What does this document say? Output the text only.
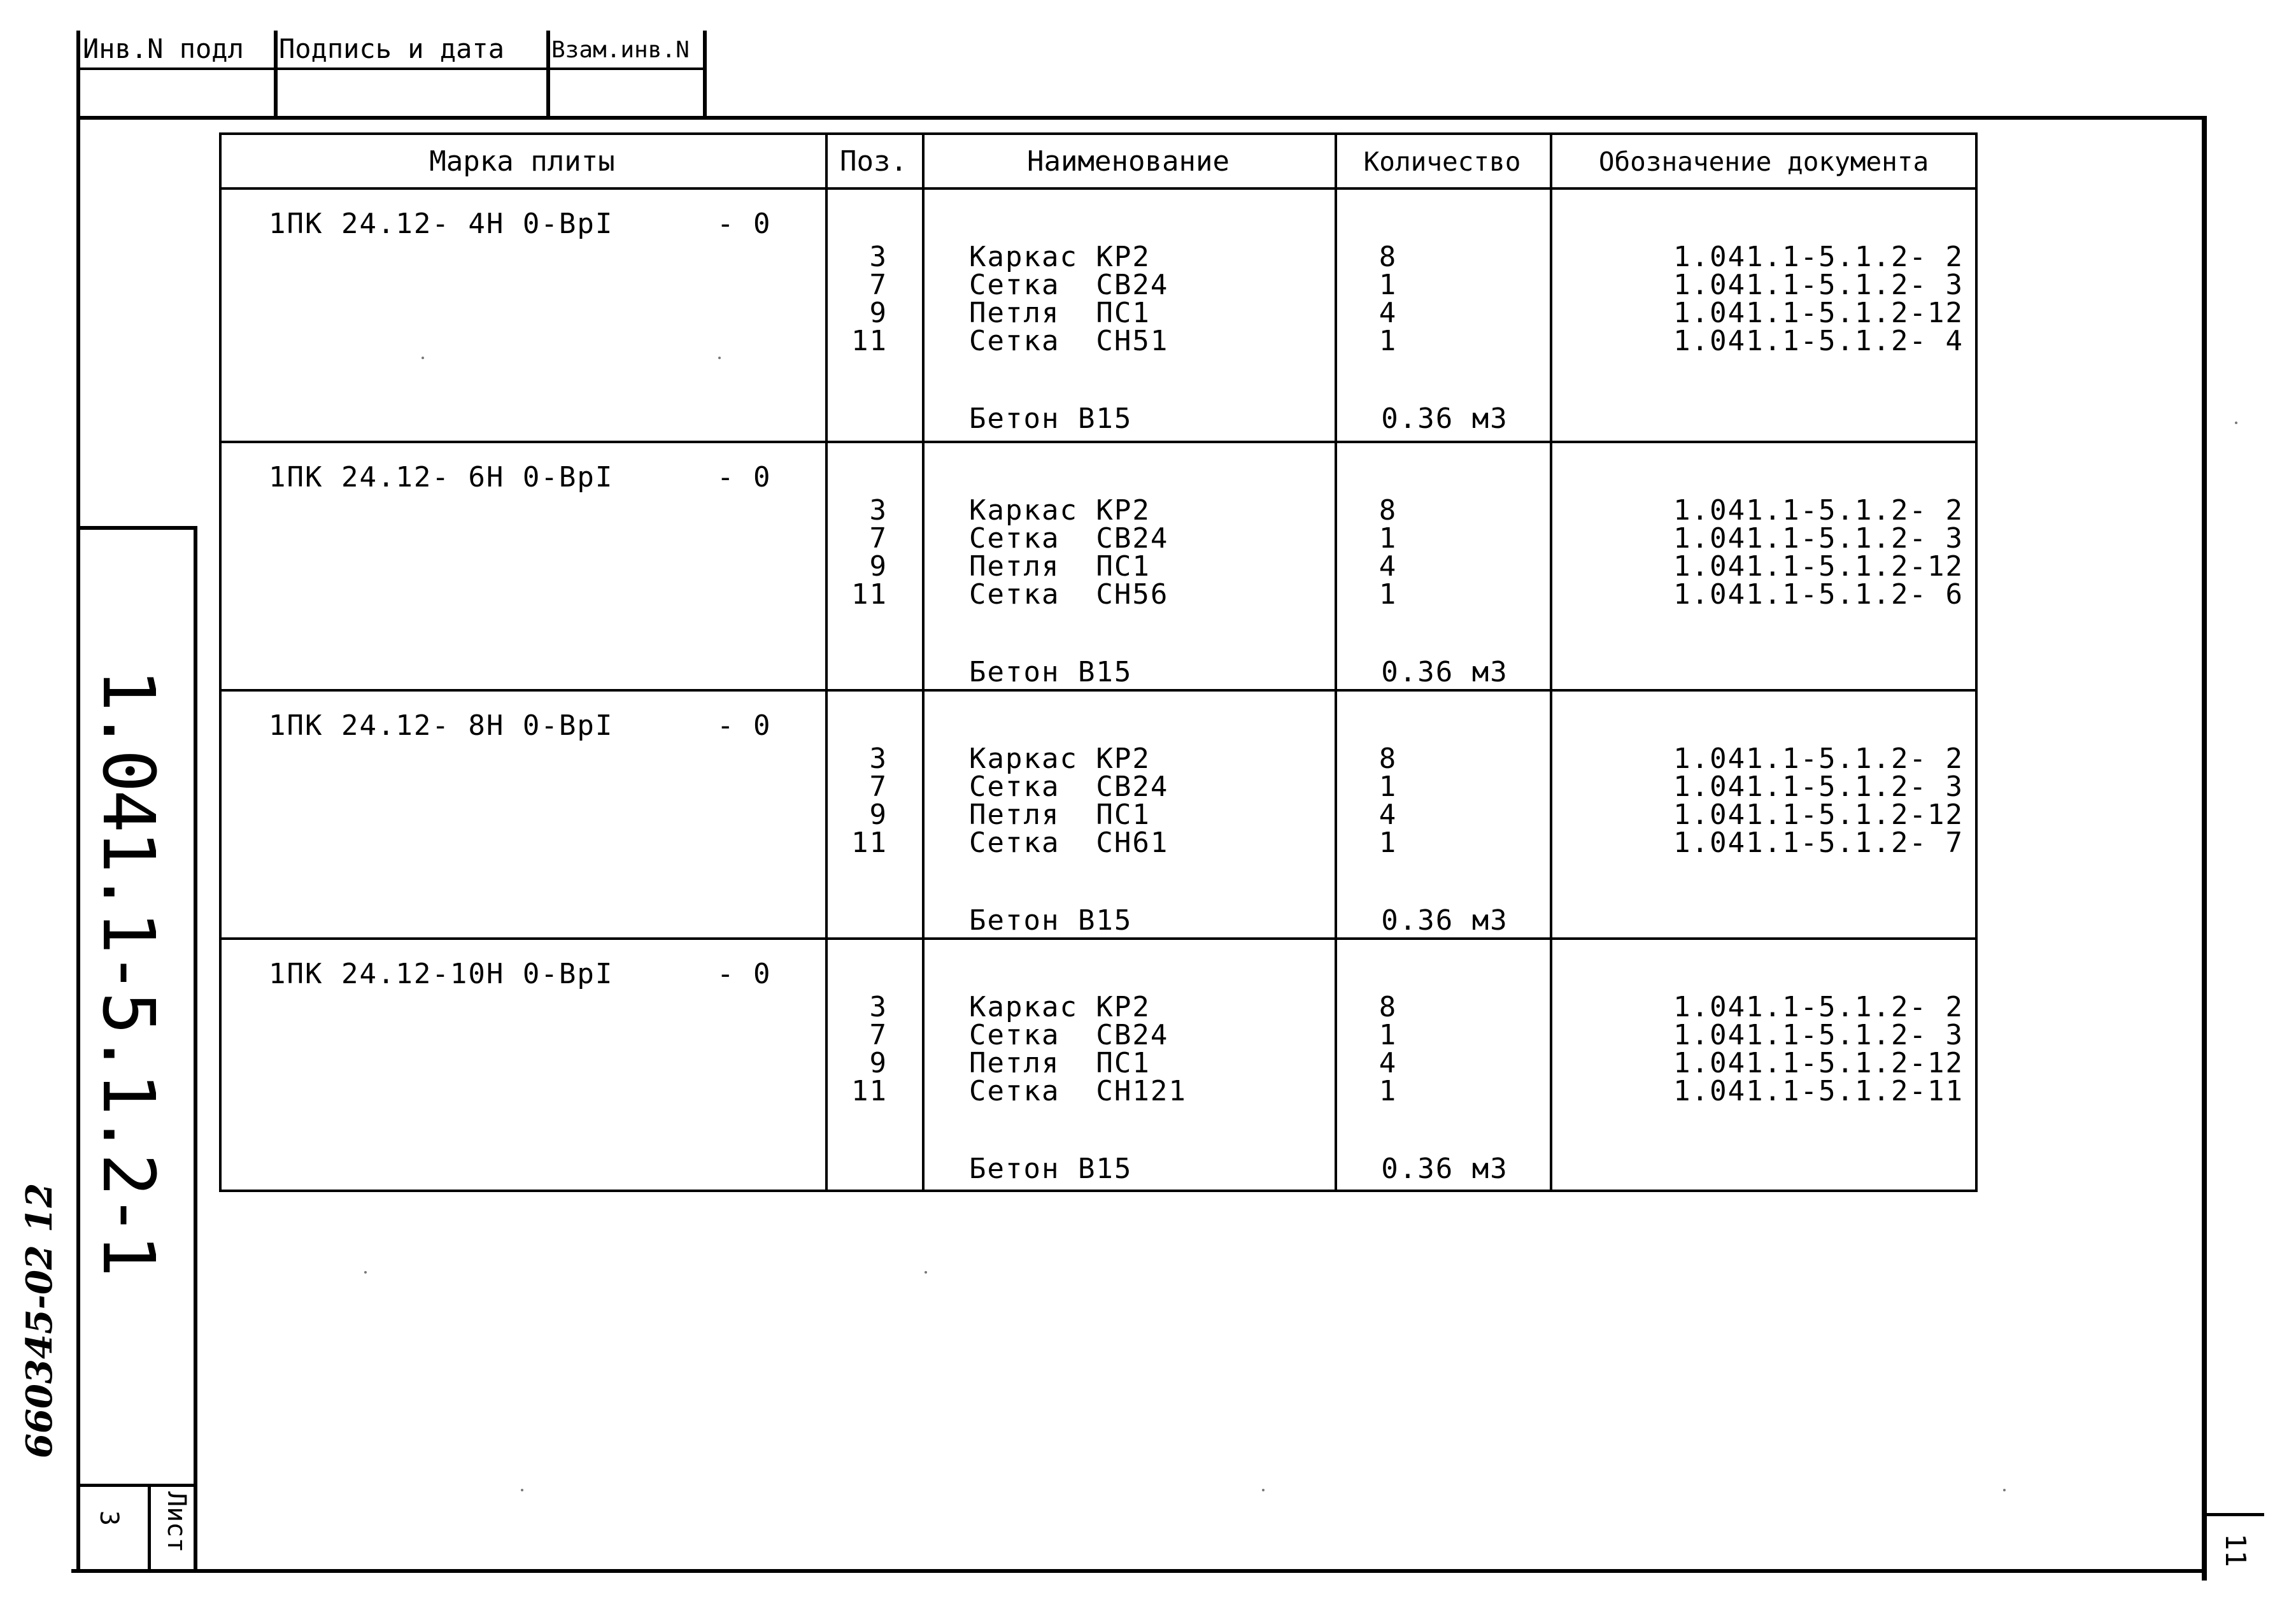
Инв.N подл Подпись и дата Взам.инв.N
1.041.1-5.1.2-1
Лист
3
660345-02 12
11
Марка плиты	Поз.	Наименование	Количество	Обозначение документа
1ПК 24.12- 4Н 0-ВрI	- 0
3	Каркас КР2	8	1.041.1-5.1.2- 2
7	Сетка  СВ24	1	1.041.1-5.1.2- 3
9	Петля  ПС1	4	1.041.1-5.1.2-12
11	Сетка  СН51	1	1.041.1-5.1.2- 4
Бетон В15	0.36 м3
1ПК 24.12- 6Н 0-ВрI	- 0
3	Каркас КР2	8	1.041.1-5.1.2- 2
7	Сетка  СВ24	1	1.041.1-5.1.2- 3
9	Петля  ПС1	4	1.041.1-5.1.2-12
11	Сетка  СН56	1	1.041.1-5.1.2- 6
Бетон В15	0.36 м3
1ПК 24.12- 8Н 0-ВрI	- 0
3	Каркас КР2	8	1.041.1-5.1.2- 2
7	Сетка  СВ24	1	1.041.1-5.1.2- 3
9	Петля  ПС1	4	1.041.1-5.1.2-12
11	Сетка  СН61	1	1.041.1-5.1.2- 7
Бетон В15	0.36 м3
1ПК 24.12-10Н 0-ВрI	- 0
3	Каркас КР2	8	1.041.1-5.1.2- 2
7	Сетка  СВ24	1	1.041.1-5.1.2- 3
9	Петля  ПС1	4	1.041.1-5.1.2-12
11	Сетка  СН121	1	1.041.1-5.1.2-11
Бетон В15	0.36 м3
